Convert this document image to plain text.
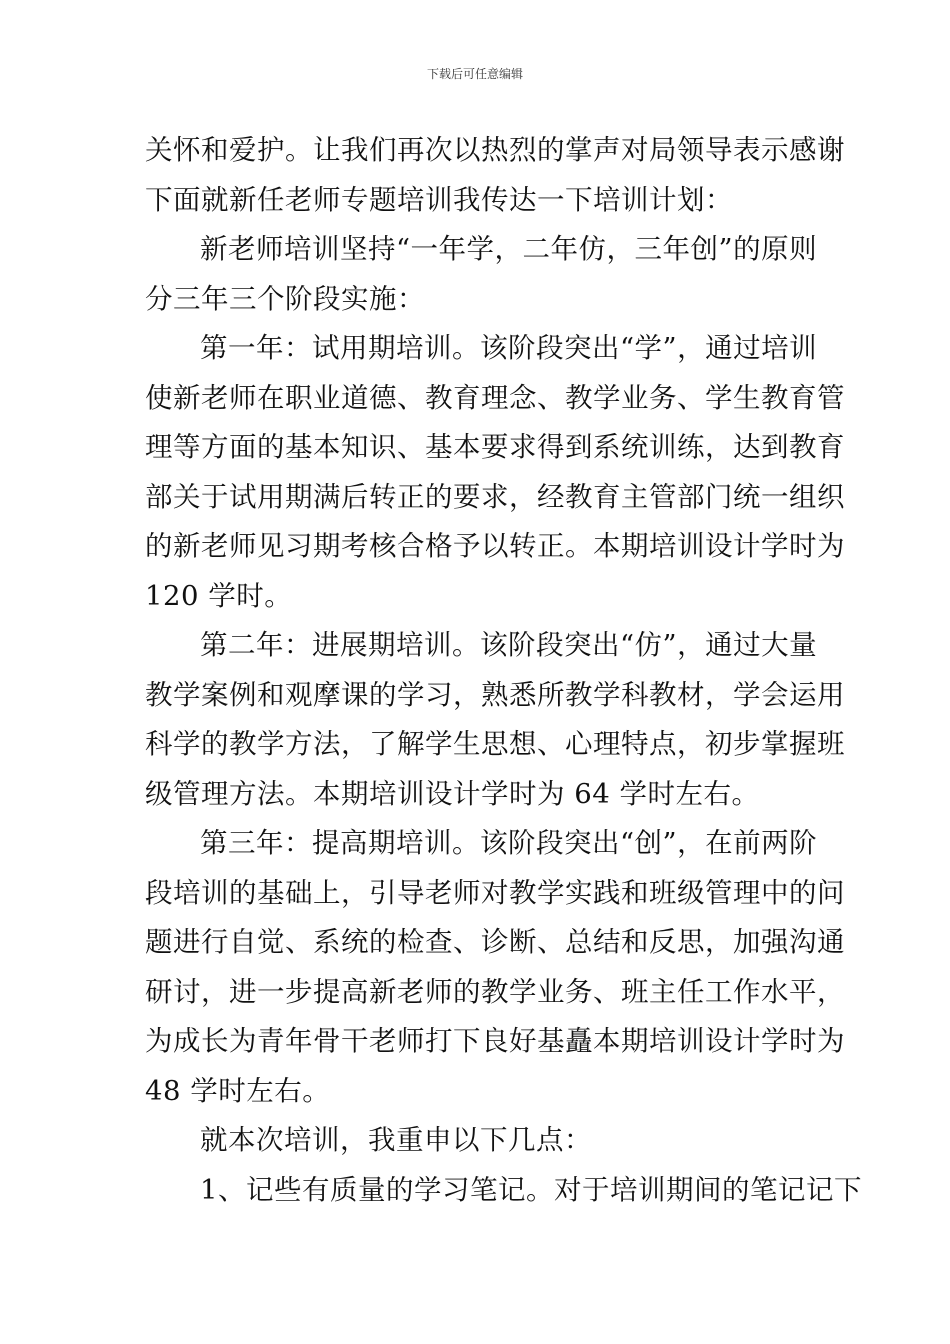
下载后可任意编辑
关怀和爱护。让我们再次以热烈的掌声对局领导表示感谢
下面就新任老师专题培训我传达一下培训计划：
新老师培训坚持“一年学，二年仿，三年创”的原则
分三年三个阶段实施：
第一年：试用期培训。该阶段突出“学”，通过培训
使新老师在职业道德、教育理念、教学业务、学生教育管
理等方面的基本知识、基本要求得到系统训练，达到教育
部关于试用期满后转正的要求，经教育主管部门统一组织
的新老师见习期考核合格予以转正。本期培训设计学时为
120 学时。
第二年：进展期培训。该阶段突出“仿”，通过大量
教学案例和观摩课的学习，熟悉所教学科教材，学会运用
科学的教学方法，了解学生思想、心理特点，初步掌握班
级管理方法。本期培训设计学时为 64 学时左右。
第三年：提高期培训。该阶段突出“创”，在前两阶
段培训的基础上，引导老师对教学实践和班级管理中的问
题进行自觉、系统的检查、诊断、总结和反思，加强沟通
研讨，进一步提高新老师的教学业务、班主任工作水平，
为成长为青年骨干老师打下良好基矗本期培训设计学时为
48 学时左右。
就本次培训，我重申以下几点：
1、记些有质量的学习笔记。对于培训期间的笔记记下
